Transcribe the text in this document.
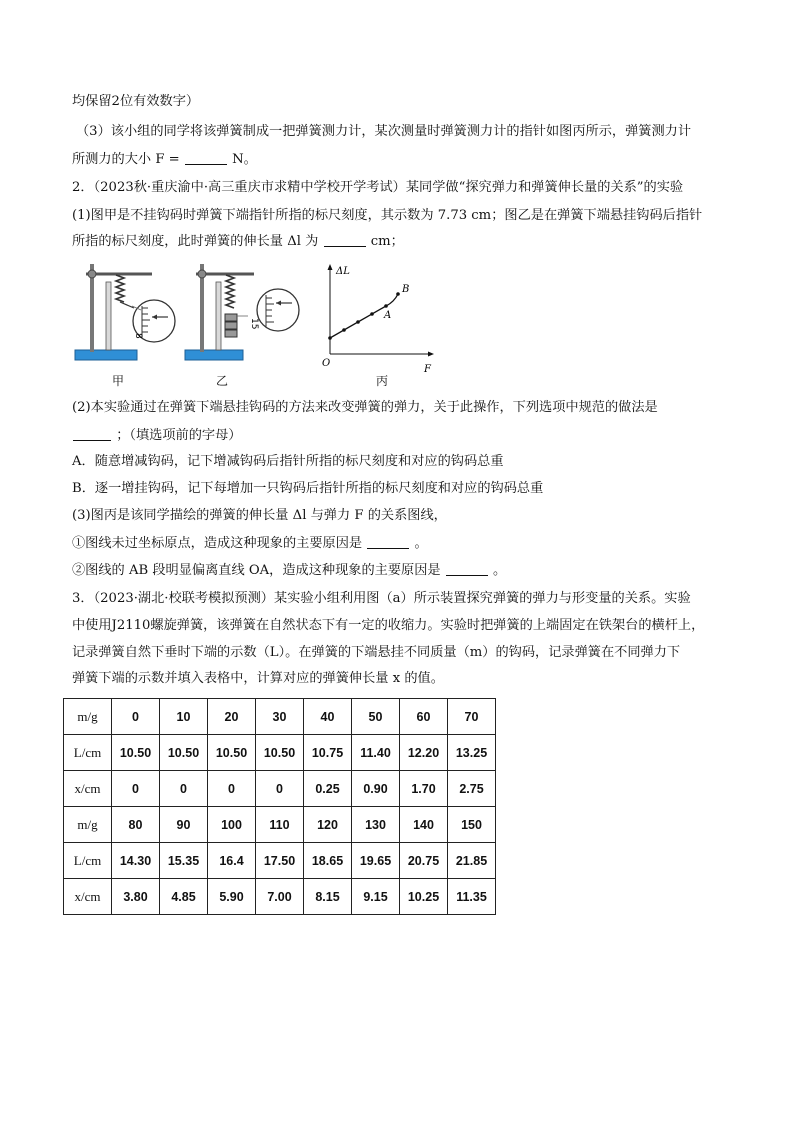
均保留2位有效数字）
（3）该小组的同学将该弹簧制成一把弹簧测力计，某次测量时弹簧测力计的指针如图丙所示，弹簧测力计
所测力的大小 F =	N。
2．（2023秋·重庆渝中·高三重庆市求精中学校开学考试）某同学做“探究弹力和弹簧伸长量的关系”的实验
(1)图甲是不挂钩码时弹簧下端指针所指的标尺刻度，其示数为 7.73 cm；图乙是在弹簧下端悬挂钩码后指针
所指的标尺刻度，此时弹簧的伸长量 Δl 为	cm；
8
15
ΔL
F
O
A
B
甲	乙	丙
(2)本实验通过在弹簧下端悬挂钩码的方法来改变弹簧的弹力，关于此操作，下列选项中规范的做法是
；（填选项前的字母）
A．随意增减钩码，记下增减钩码后指针所指的标尺刻度和对应的钩码总重
B．逐一增挂钩码，记下每增加一只钩码后指针所指的标尺刻度和对应的钩码总重
(3)图丙是该同学描绘的弹簧的伸长量 Δl 与弹力 F 的关系图线，
①图线未过坐标原点，造成这种现象的主要原因是	。
②图线的 AB 段明显偏离直线 OA，造成这种现象的主要原因是	。
3．（2023·湖北·校联考模拟预测）某实验小组利用图（a）所示装置探究弹簧的弹力与形变量的关系。实验
中使用J2110螺旋弹簧，该弹簧在自然状态下有一定的收缩力。实验时把弹簧的上端固定在铁架台的横杆上，
记录弹簧自然下垂时下端的示数（L）。在弹簧的下端悬挂不同质量（m）的钩码，记录弹簧在不同弹力下
弹簧下端的示数并填入表格中，计算对应的弹簧伸长量 x 的值。
m/g	0	10	20	30	40	50	60	70
L/cm	10.50	10.50	10.50	10.50	10.75	11.40	12.20	13.25
x/cm	0	0	0	0	0.25	0.90	1.70	2.75
m/g	80	90	100	110	120	130	140	150
L/cm	14.30	15.35	16.4	17.50	18.65	19.65	20.75	21.85
x/cm	3.80	4.85	5.90	7.00	8.15	9.15	10.25	11.35
